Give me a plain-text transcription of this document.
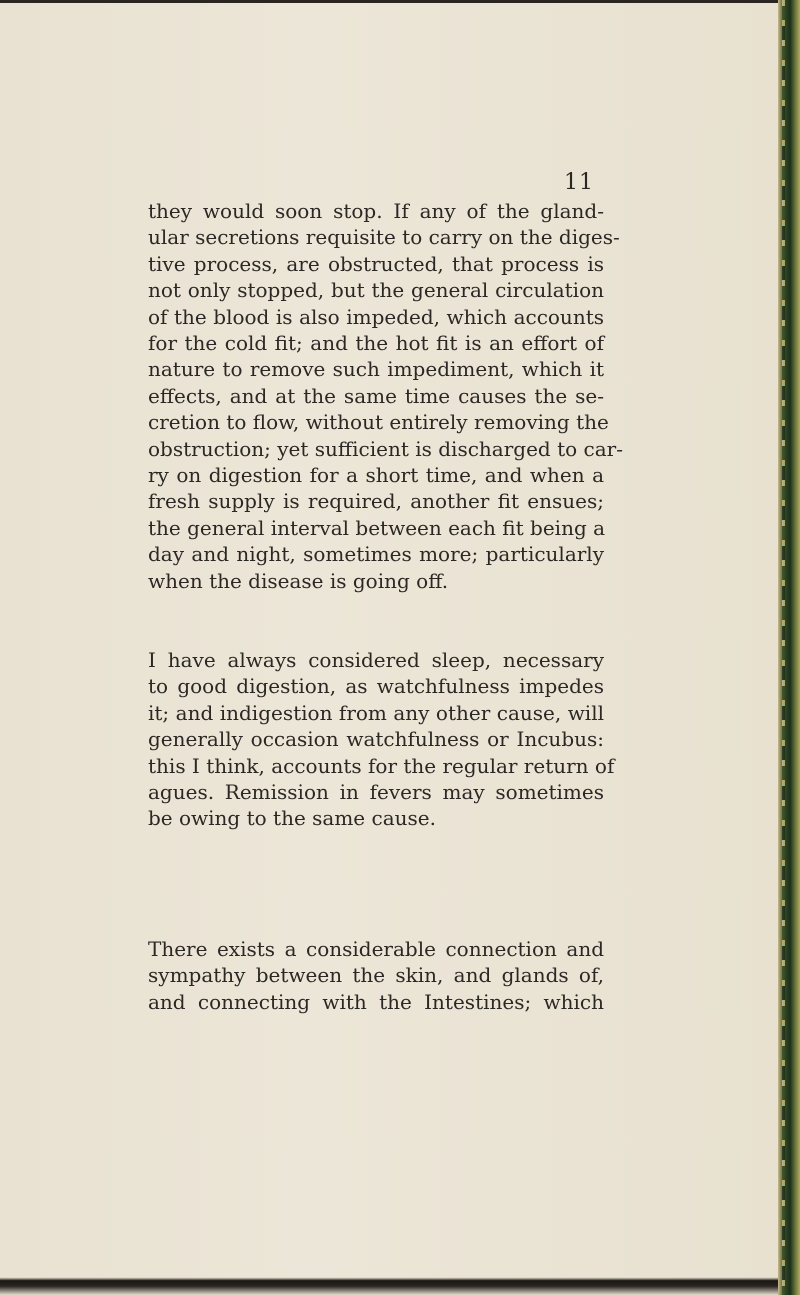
11
they would soon stop. If any of the gland-
ular secretions requisite to carry on the diges-
tive process, are obstructed, that process is
not only stopped, but the general circulation
of the blood is also impeded, which accounts
for the cold fit; and the hot fit is an effort of
nature to remove such impediment, which it
effects, and at the same time causes the se-
cretion to flow, without entirely removing the
obstruction; yet sufficient is discharged to car-
ry on digestion for a short time, and when a
fresh supply is required, another fit ensues;
the general interval between each fit being a
day and night, sometimes more; particularly
when the disease is going off.
I have always considered sleep, necessary
to good digestion, as watchfulness impedes
it; and indigestion from any other cause, will
generally occasion watchfulness or Incubus:
this I think, accounts for the regular return of
agues. Remission in fevers may sometimes
be owing to the same cause.
There exists a considerable connection and
sympathy between the skin, and glands of,
and connecting with the Intestines; which
